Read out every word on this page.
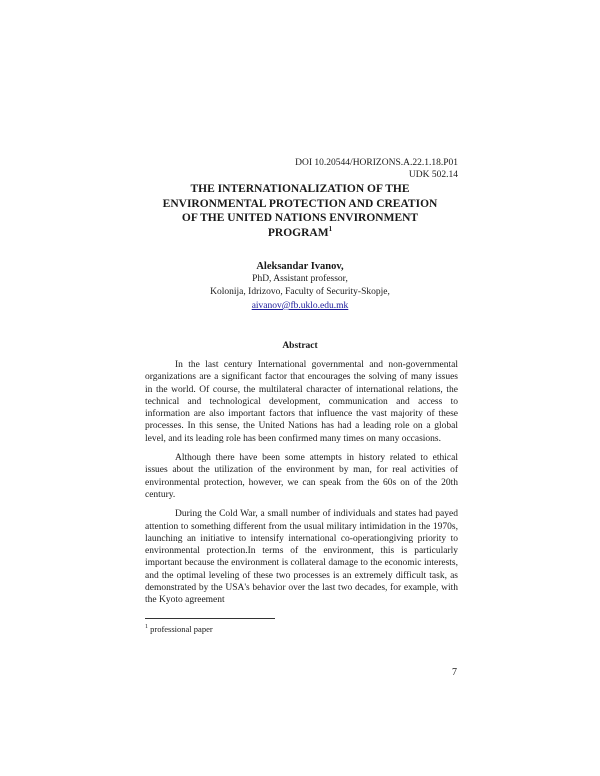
DOI 10.20544/HORIZONS.A.22.1.18.P01
UDK 502.14
THE INTERNATIONALIZATION OF THE
ENVIRONMENTAL PROTECTION AND CREATION
OF THE UNITED NATIONS ENVIRONMENT
PROGRAM$^1$
Aleksandar Ivanov,
PhD, Assistant professor,
Kolonija, Idrizovo, Faculty of Security-Skopje,
aivanov@fb.uklo.edu.mk
Abstract

In the last century International governmental and non-governmental organizations are a significant factor that encourages the solving of many issues in the world. Of course, the multilateral character of international relations, the technical and technological development, communication and access to information are also important factors that influence the vast majority of these processes. In this sense, the United Nations has had a leading role on a global level, and its leading role has been confirmed many times on many occasions.

Although there have been some attempts in history related to ethical issues about the utilization of the environment by man, for real activities of environmental protection, however, we can speak from the 60s on of the 20th century.

During the Cold War, a small number of individuals and states had payed attention to something different from the usual military intimidation in the 1970s, launching an initiative to intensify international co-operationgiving priority to environmental protection.In terms of the environment, this is particularly important because the environment is collateral damage to the economic interests, and the optimal leveling of these two processes is an extremely difficult task, as demonstrated by the USA's behavior over the last two decades, for example, with the Kyoto agreement

$^1$ professional paper
7
